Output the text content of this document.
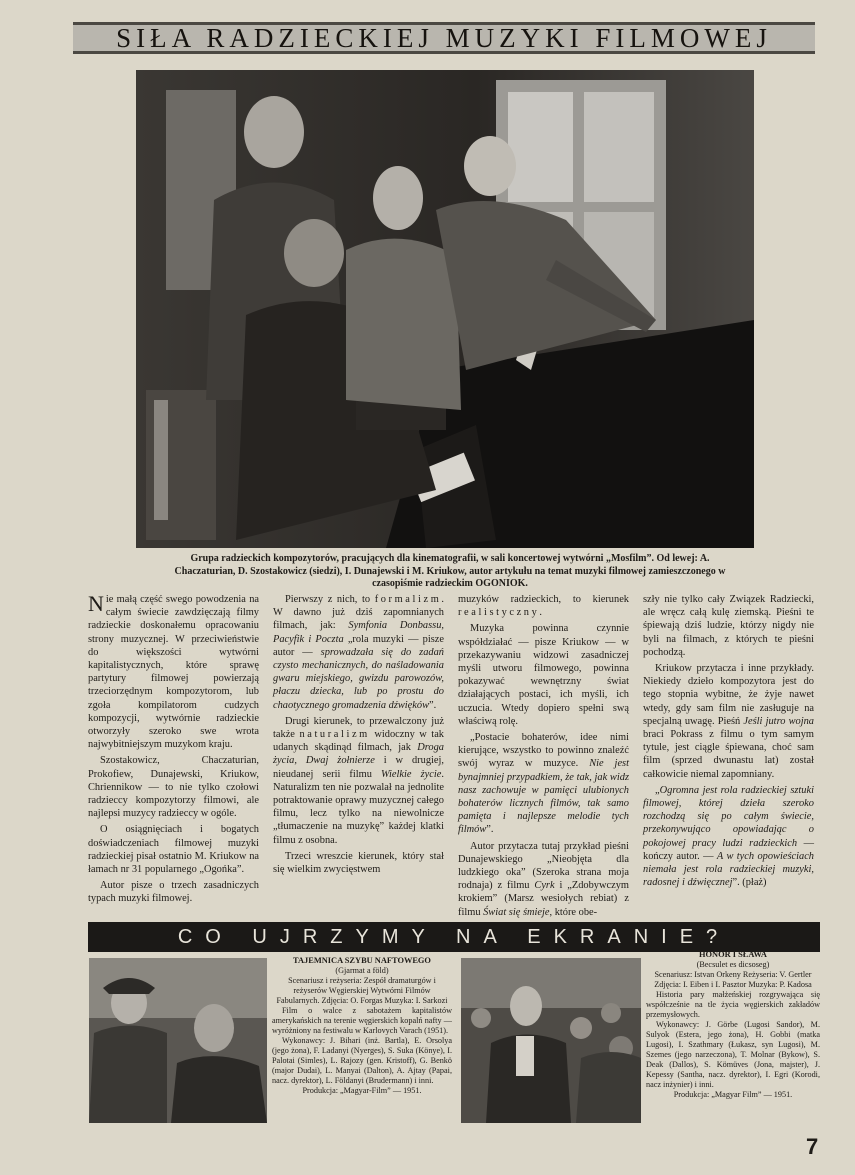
SIŁA RADZIECKIEJ MUZYKI FILMOWEJ
Grupa radzieckich kompozytorów, pracujących dla kinematografii, w sali koncertowej wytwórni „Mosfilm”. Od lewej: A. Chaczaturian, D. Szostakowicz (siedzi), I. Dunajewski i M. Kriukow, autor artykułu na temat muzyki filmowej zamieszczonego w czasopiśmie radzieckim OGONIOK.

Nie małą część swego powodzenia na całym świecie zawdzięczają filmy radzieckie doskonałemu opracowaniu strony muzycznej. W przeciwieństwie do większości wytwórni kapitalistycznych, które sprawę partytury filmowej powierzają trzeciorzędnym kompozytorom, lub zgoła kompilatorom cudzych kompozycji, wytwórnie radzieckie otworzyły szeroko swe wrota najwybitniejszym muzykom kraju.

Szostakowicz, Chaczaturian, Prokofiew, Dunajewski, Kriukow, Chriennikow — to nie tylko czołowi radzieccy kompozytorzy filmowi, ale najlepsi muzycy radzieccy w ogóle.

O osiągnięciach i bogatych doświadczeniach filmowej muzyki radzieckiej pisał ostatnio M. Kriukow na łamach nr 31 popularnego „Ogońka”.

Autor pisze o trzech zasadniczych typach muzyki filmowej.

Pierwszy z nich, to formalizm. W dawno już dziś zapomnianych filmach, jak: Symfonia Donbassu, Pacyfik i Poczta „rola muzyki — pisze autor — sprowadzała się do zadań czysto mechanicznych, do naśladowania gwaru miejskiego, gwizdu parowozów, płaczu dziecka, lub po prostu do chaotycznego gromadzenia dźwięków”.

Drugi kierunek, to przewalczony już także naturalizm widoczny w tak udanych skądinąd filmach, jak Droga życia, Dwaj żołnierze i w drugiej, nieudanej serii filmu Wielkie życie. Naturalizm ten nie pozwalał na jednolite potraktowanie oprawy muzycznej całego filmu, lecz tylko na niewolnicze „tłumaczenie na muzykę” każdej klatki filmu z osobna.

Trzeci wreszcie kierunek, który stał się wielkim zwycięstwem

muzyków radzieckich, to kierunek realistyczny.

Muzyka powinna czynnie współdziałać — pisze Kriukow — w przekazywaniu widzowi zasadniczej myśli utworu filmowego, powinna pokazywać wewnętrzny świat działających postaci, ich myśli, ich uczucia. Wtedy dopiero spełni swą właściwą rolę.

„Postacie bohaterów, idee nimi kierujące, wszystko to powinno znaleźć swój wyraz w muzyce. Nie jest bynajmniej przypadkiem, że tak, jak widz nasz zachowuje w pamięci ulubionych bohaterów licznych filmów, tak samo pamięta i najlepsze melodie tych filmów”.

Autor przytacza tutaj przykład pieśni Dunajewskiego „Nieobjęta dla ludzkiego oka” (Szeroka strana moja rodnaja) z filmu Cyrk i „Zdobywczym krokiem” (Marsz wesiołych rebiat) z filmu Świat się śmieje, które obe-

szły nie tylko cały Związek Radziecki, ale wręcz całą kulę ziemską. Pieśni te śpiewają dziś ludzie, którzy nigdy nie byli na filmach, z których te pieśni pochodzą.

Kriukow przytacza i inne przykłady. Niekiedy dzieło kompozytora jest do tego stopnia wybitne, że żyje nawet wtedy, gdy sam film nie zasługuje na specjalną uwagę. Pieśń Jeśli jutro wojna braci Pokrass z filmu o tym samym tytule, jest ciągle śpiewana, choć sam film (sprzed dwunastu lat) został całkowicie niemal zapomniany.

„Ogromna jest rola radzieckiej sztuki filmowej, której dzieła szeroko rozchodzą się po całym świecie, przekonywująco opowiadając o pokojowej pracy ludzi radzieckich — kończy autor. — A w tych opowieściach niemała jest rola radzieckiej muzyki, radosnej i dźwięcznej”. (płaż)

CO UJRZYMY NA EKRANIE?

TAJEMNICA SZYBU NAFTOWEGO

(Gjarmat a föld)

Scenariusz i reżyseria: Zespół dramaturgów i reżyserów Węgierskiej Wytwórni Filmów Fabularnych. Zdjęcia: O. Forgas Muzyka: I. Sarkozi

Film o walce z sabotażem kapitalistów amerykańskich na terenie węgierskich kopalń nafty — wyróżniony na festiwalu w Karlovych Varach (1951).

Wykonawcy: J. Bihari (inż. Bartla), E. Orsolya (jego żona), F. Ladanyi (Nyerges), S. Suka (Könye), I. Palotai (Simles), L. Rajozy (gen. Kristoff), G. Benkö (major Dudai), L. Manyai (Dalton), A. Ajtay (Papai, nacz. dyrektor), L. Földanyi (Brudermann) i inni.

Produkcja: „Magyar-Film” — 1951.

HONOR I SŁAWA

(Becsulet es dicsoseg)

Scenariusz: Istvan Orkeny Reżyseria: V. Gertler Zdjęcia: I. Eiben i I. Pasztor Muzyka: P. Kadosa

Historia pary małżeńskiej rozgrywająca się współcześnie na tle życia węgierskich zakładów przemysłowych.

Wykonawcy: J. Görbe (Lugosi Sandor), M. Sulyok (Estera, jego żona), H. Gobbi (matka Lugosi), I. Szathmary (Łukasz, syn Lugosi), M. Szemes (jego narzeczona), T. Molnar (Bykow), S. Deak (Dallos), S. Kömüves (Jona, majster), J. Kepessy (Santha, nacz. dyrektor), I. Egri (Korodi, nacz inżynier) i inni.

Produkcja: „Magyar Film” — 1951.

7
